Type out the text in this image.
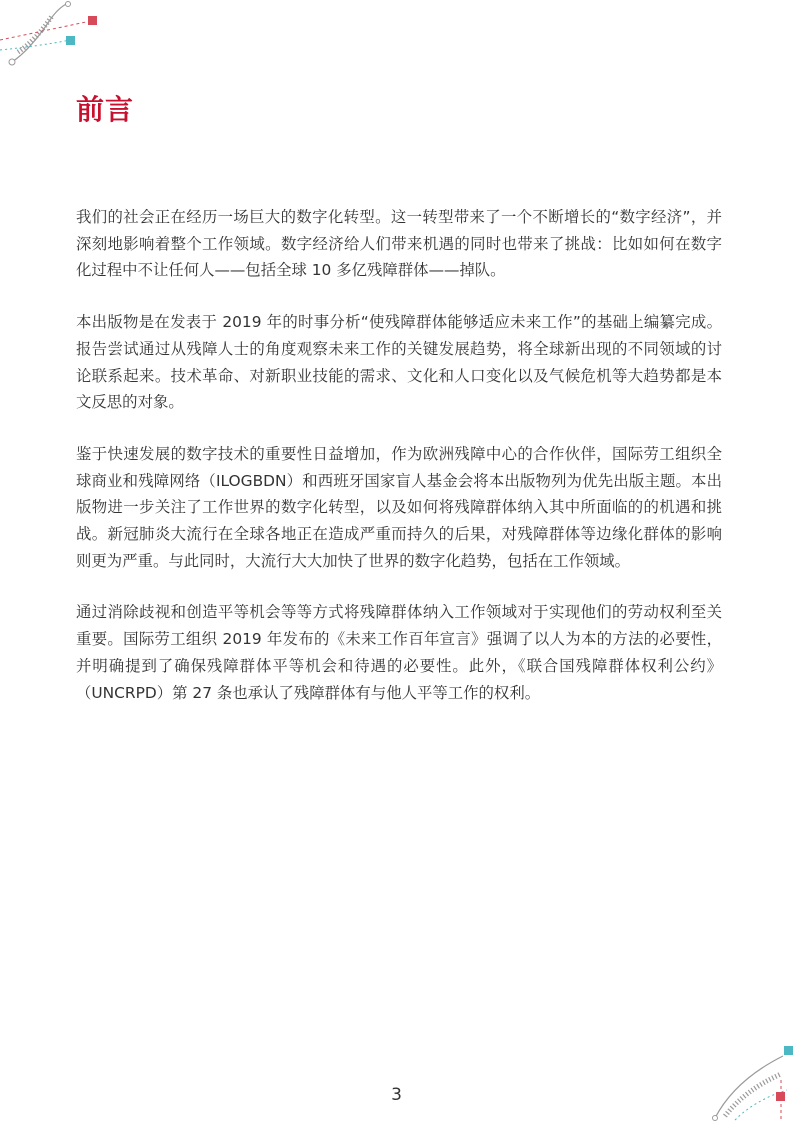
前言

我们的社会正在经历一场巨大的数字化转型。这一转型带来了一个不断增长的“数字经济”，并深刻地影响着整个工作领域。数字经济给人们带来机遇的同时也带来了挑战：比如如何在数字化过程中不让任何人——包括全球 10 多亿残障群体——掉队。

本出版物是在发表于 2019 年的时事分析“使残障群体能够适应未来工作”的基础上编纂完成。报告尝试通过从残障人士的角度观察未来工作的关键发展趋势，将全球新出现的不同领域的讨论联系起来。技术革命、对新职业技能的需求、文化和人口变化以及气候危机等大趋势都是本文反思的对象。

鉴于快速发展的数字技术的重要性日益增加，作为欧洲残障中心的合作伙伴，国际劳工组织全球商业和残障网络（ILOGBDN）和西班牙国家盲人基金会将本出版物列为优先出版主题。本出版物进一步关注了工作世界的数字化转型，以及如何将残障群体纳入其中所面临的的机遇和挑战。新冠肺炎大流行在全球各地正在造成严重而持久的后果，对残障群体等边缘化群体的影响则更为严重。与此同时，大流行大大加快了世界的数字化趋势，包括在工作领域。

通过消除歧视和创造平等机会等等方式将残障群体纳入工作领域对于实现他们的劳动权利至关重要。国际劳工组织 2019 年发布的《未来工作百年宣言》强调了以人为本的方法的必要性，并明确提到了确保残障群体平等机会和待遇的必要性。此外，《联合国残障群体权利公约》（UNCRPD）第 27 条也承认了残障群体有与他人平等工作的权利。

3
